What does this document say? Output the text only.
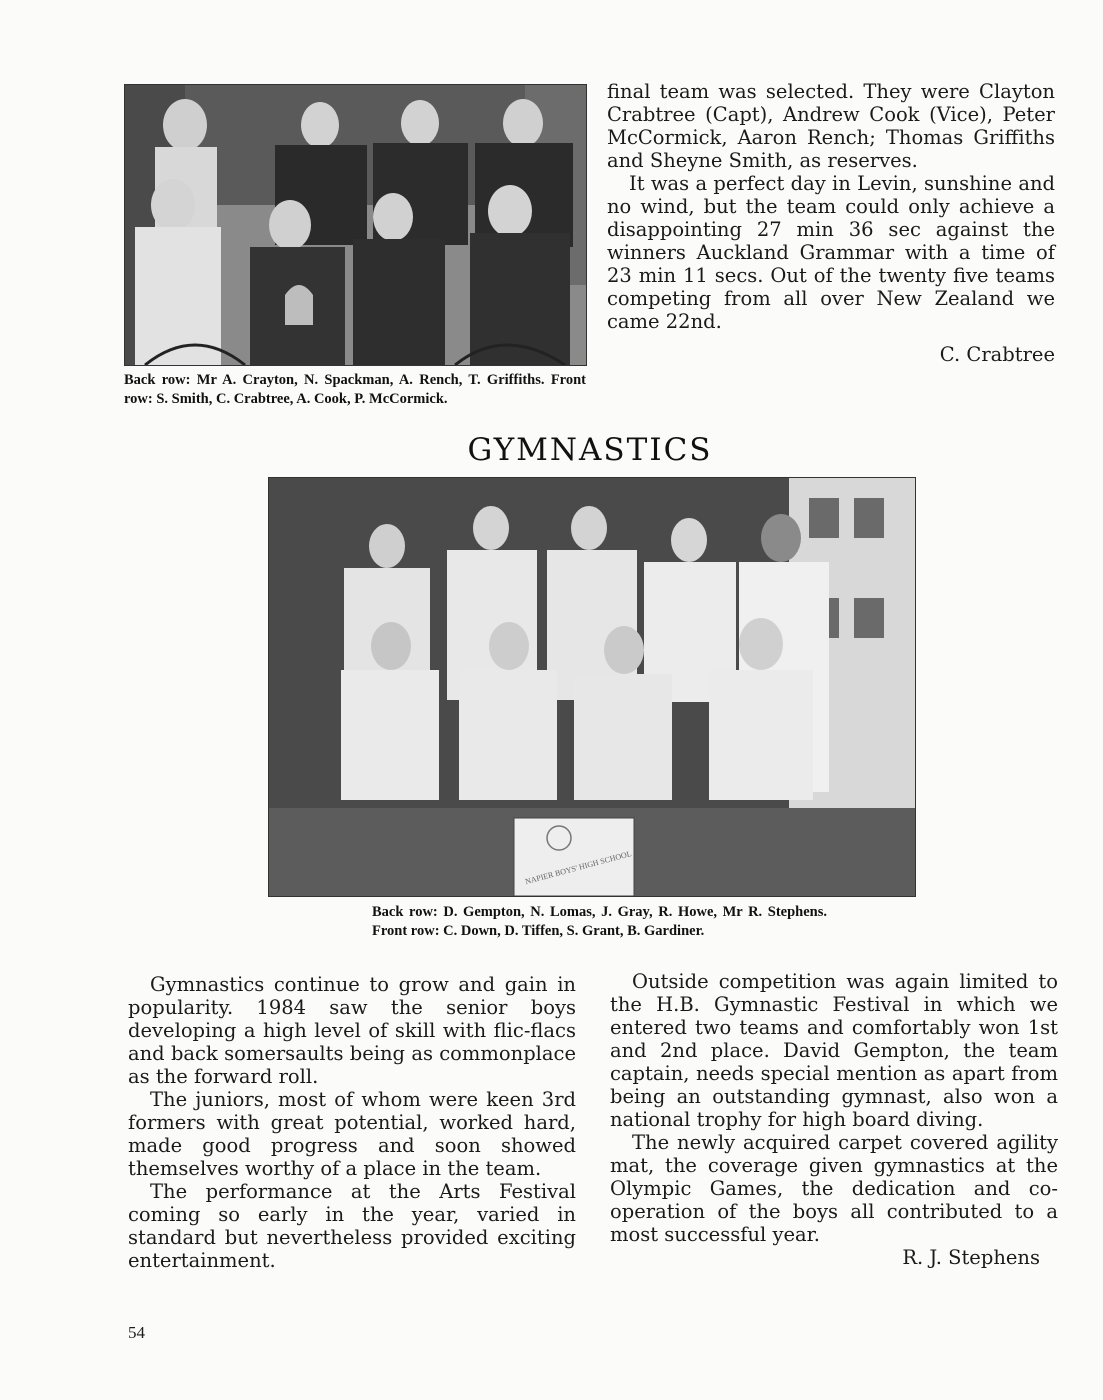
Back row: Mr A. Crayton, N. Spackman, A. Rench, T. Griffiths. Front row: S. Smith, C. Crabtree, A. Cook, P. McCormick.

final team was selected. They were Clayton Crabtree (Capt), Andrew Cook (Vice), Peter McCormick, Aaron Rench; Thomas Griffiths and Sheyne Smith, as reserves.

It was a perfect day in Levin, sunshine and no wind, but the team could only achieve a disappointing 27 min 36 sec against the winners Auckland Grammar with a time of 23 min 11 secs. Out of the twenty five teams competing from all over New Zealand we came 22nd.

C. Crabtree

GYMNASTICS
NAPIER BOYS' HIGH SCHOOL

Back row: D. Gempton, N. Lomas, J. Gray, R. Howe, Mr R. Stephens. Front row: C. Down, D. Tiffen, S. Grant, B. Gardiner.

Gymnastics continue to grow and gain in popularity. 1984 saw the senior boys developing a high level of skill with flic-flacs and back somersaults being as commonplace as the forward roll.

The juniors, most of whom were keen 3rd formers with great potential, worked hard, made good progress and soon showed themselves worthy of a place in the team.

The performance at the Arts Festival coming so early in the year, varied in standard but nevertheless provided exciting entertainment.

Outside competition was again limited to the H.B. Gymnastic Festival in which we entered two teams and comfortably won 1st and 2nd place. David Gempton, the team captain, needs special mention as apart from being an outstanding gymnast, also won a national trophy for high board diving.

The newly acquired carpet covered agility mat, the coverage given gymnastics at the Olympic Games, the dedication and co-operation of the boys all contributed to a most successful year.

R. J. Stephens

54
